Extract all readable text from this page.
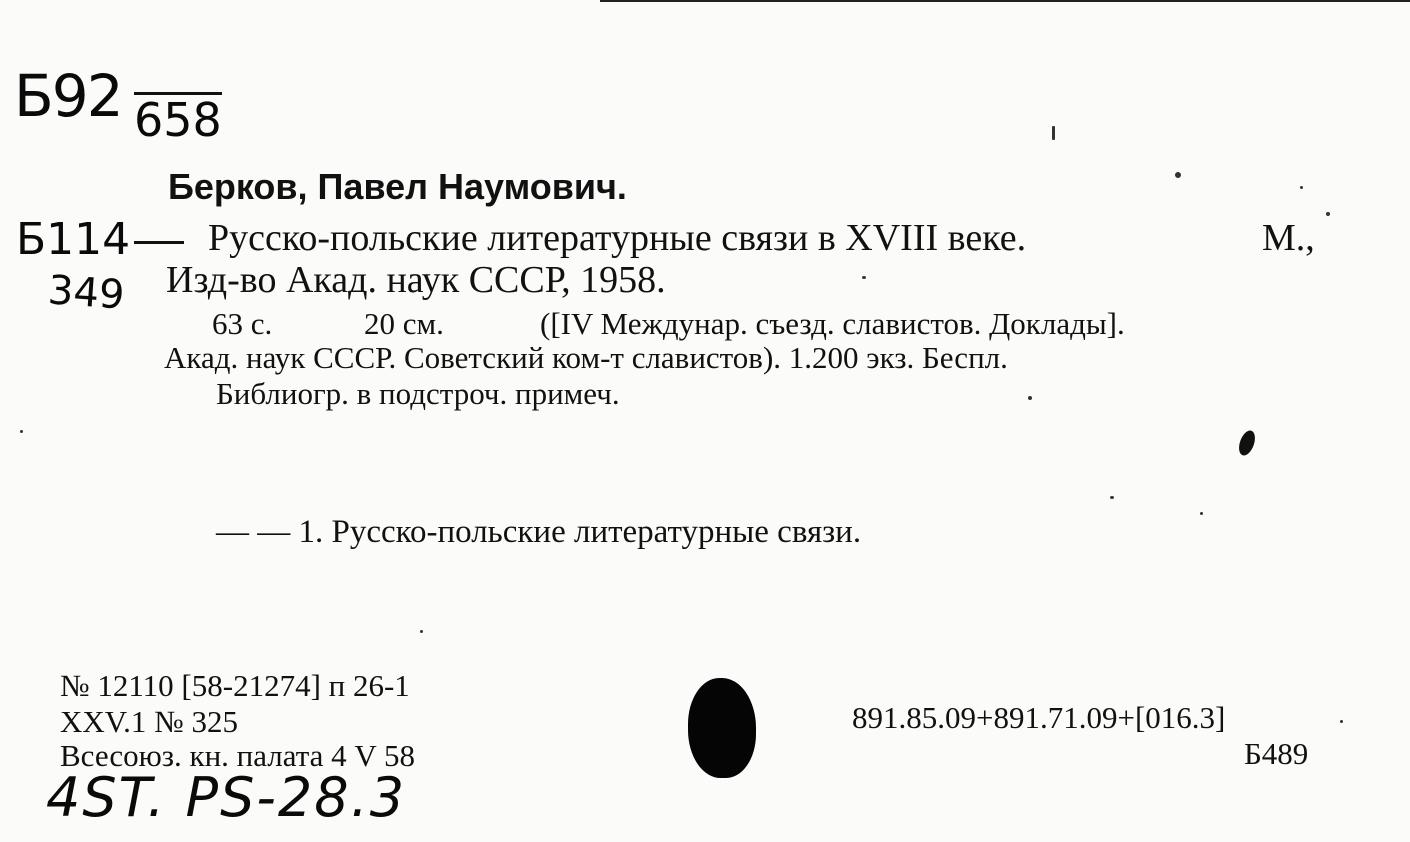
Б92 658
Берков, Павел Наумович.
Б114
349
Русско-польские литературные связи в XVIII веке.	М.,
Изд-во Акад. наук СССР, 1958.
63 с.	20 см.	([IV Междунар. съезд. славистов. Доклады].
Акад. наук СССР. Советский ком-т славистов). 1.200 экз. Беспл.
Библиогр. в подстроч. примеч.
— — 1. Русско-польские литературные связи.
№ 12110 [58-21274] п 26-1
XXV.1 № 325
Всесоюз. кн. палата 4 V 58
4ST. PS-28.3
891.85.09+891.71.09+[016.3]
Б489
